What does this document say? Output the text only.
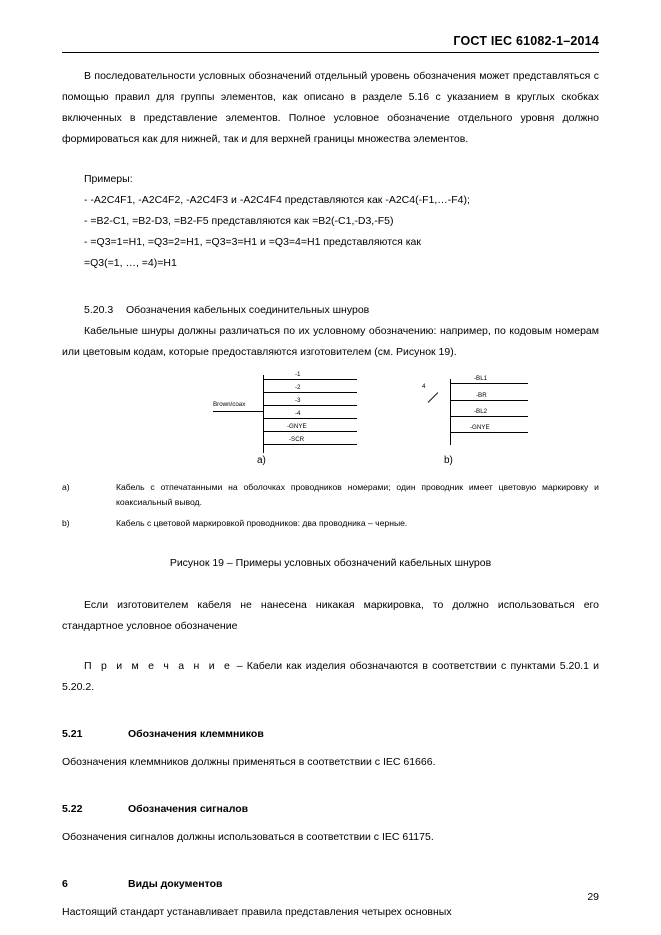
ГОСТ IEC 61082-1–2014

В последовательности условных обозначений отдельный уровень обозначения может представляться с помощью правил для группы элементов, как описано в разделе 5.16 с указанием в круглых скобках включенных в представление элементов. Полное условное обозначение отдельного уровня должно формироваться как для нижней, так и для верхней границы множества элементов.

Примеры:

- -A2C4F1, -A2C4F2, -A2C4F3 и -A2C4F4 представляются как -A2C4(-F1,…-F4);

- =B2-C1, =B2-D3, =B2-F5 представляются как =B2(-C1,-D3,-F5)

- =Q3=1=H1, =Q3=2=H1, =Q3=3=H1 и =Q3=4=H1 представляются как

=Q3(=1, …, =4)=H1

5.20.3 Обозначения кабельных соединительных шнуров

Кабельные шнуры должны различаться по их условному обозначению: например, по кодовым номерам или цветовым кодам, которые предоставляются изготовителем (см. Рисунок 19).

Brown/coax
-1
-2
-3
-4
-GNYE
-SCR
a)
4
-BL1
-BR
-BL2
-GNYE
b)
a)	Кабель с отпечатанными на оболочках проводников номерами; один проводник имеет цветовую маркировку и коаксиальный вывод.
b)	Кабель с цветовой маркировкой проводников: два проводника – черные.

Рисунок 19 – Примеры условных обозначений кабельных шнуров

Если изготовителем кабеля не нанесена никакая маркировка, то должно использоваться его стандартное условное обозначение

П р и м е ч а н и е – Кабели как изделия обозначаются в соответствии с пунктами 5.20.1 и 5.20.2.

5.21	Обозначения клеммников

Обозначения клеммников должны применяться в соответствии с IEC 61666.

5.22	Обозначения сигналов

Обозначения сигналов должны использоваться в соответствии с IEC 61175.

6	Виды документов

Настоящий стандарт устанавливает правила представления четырех основных

29
